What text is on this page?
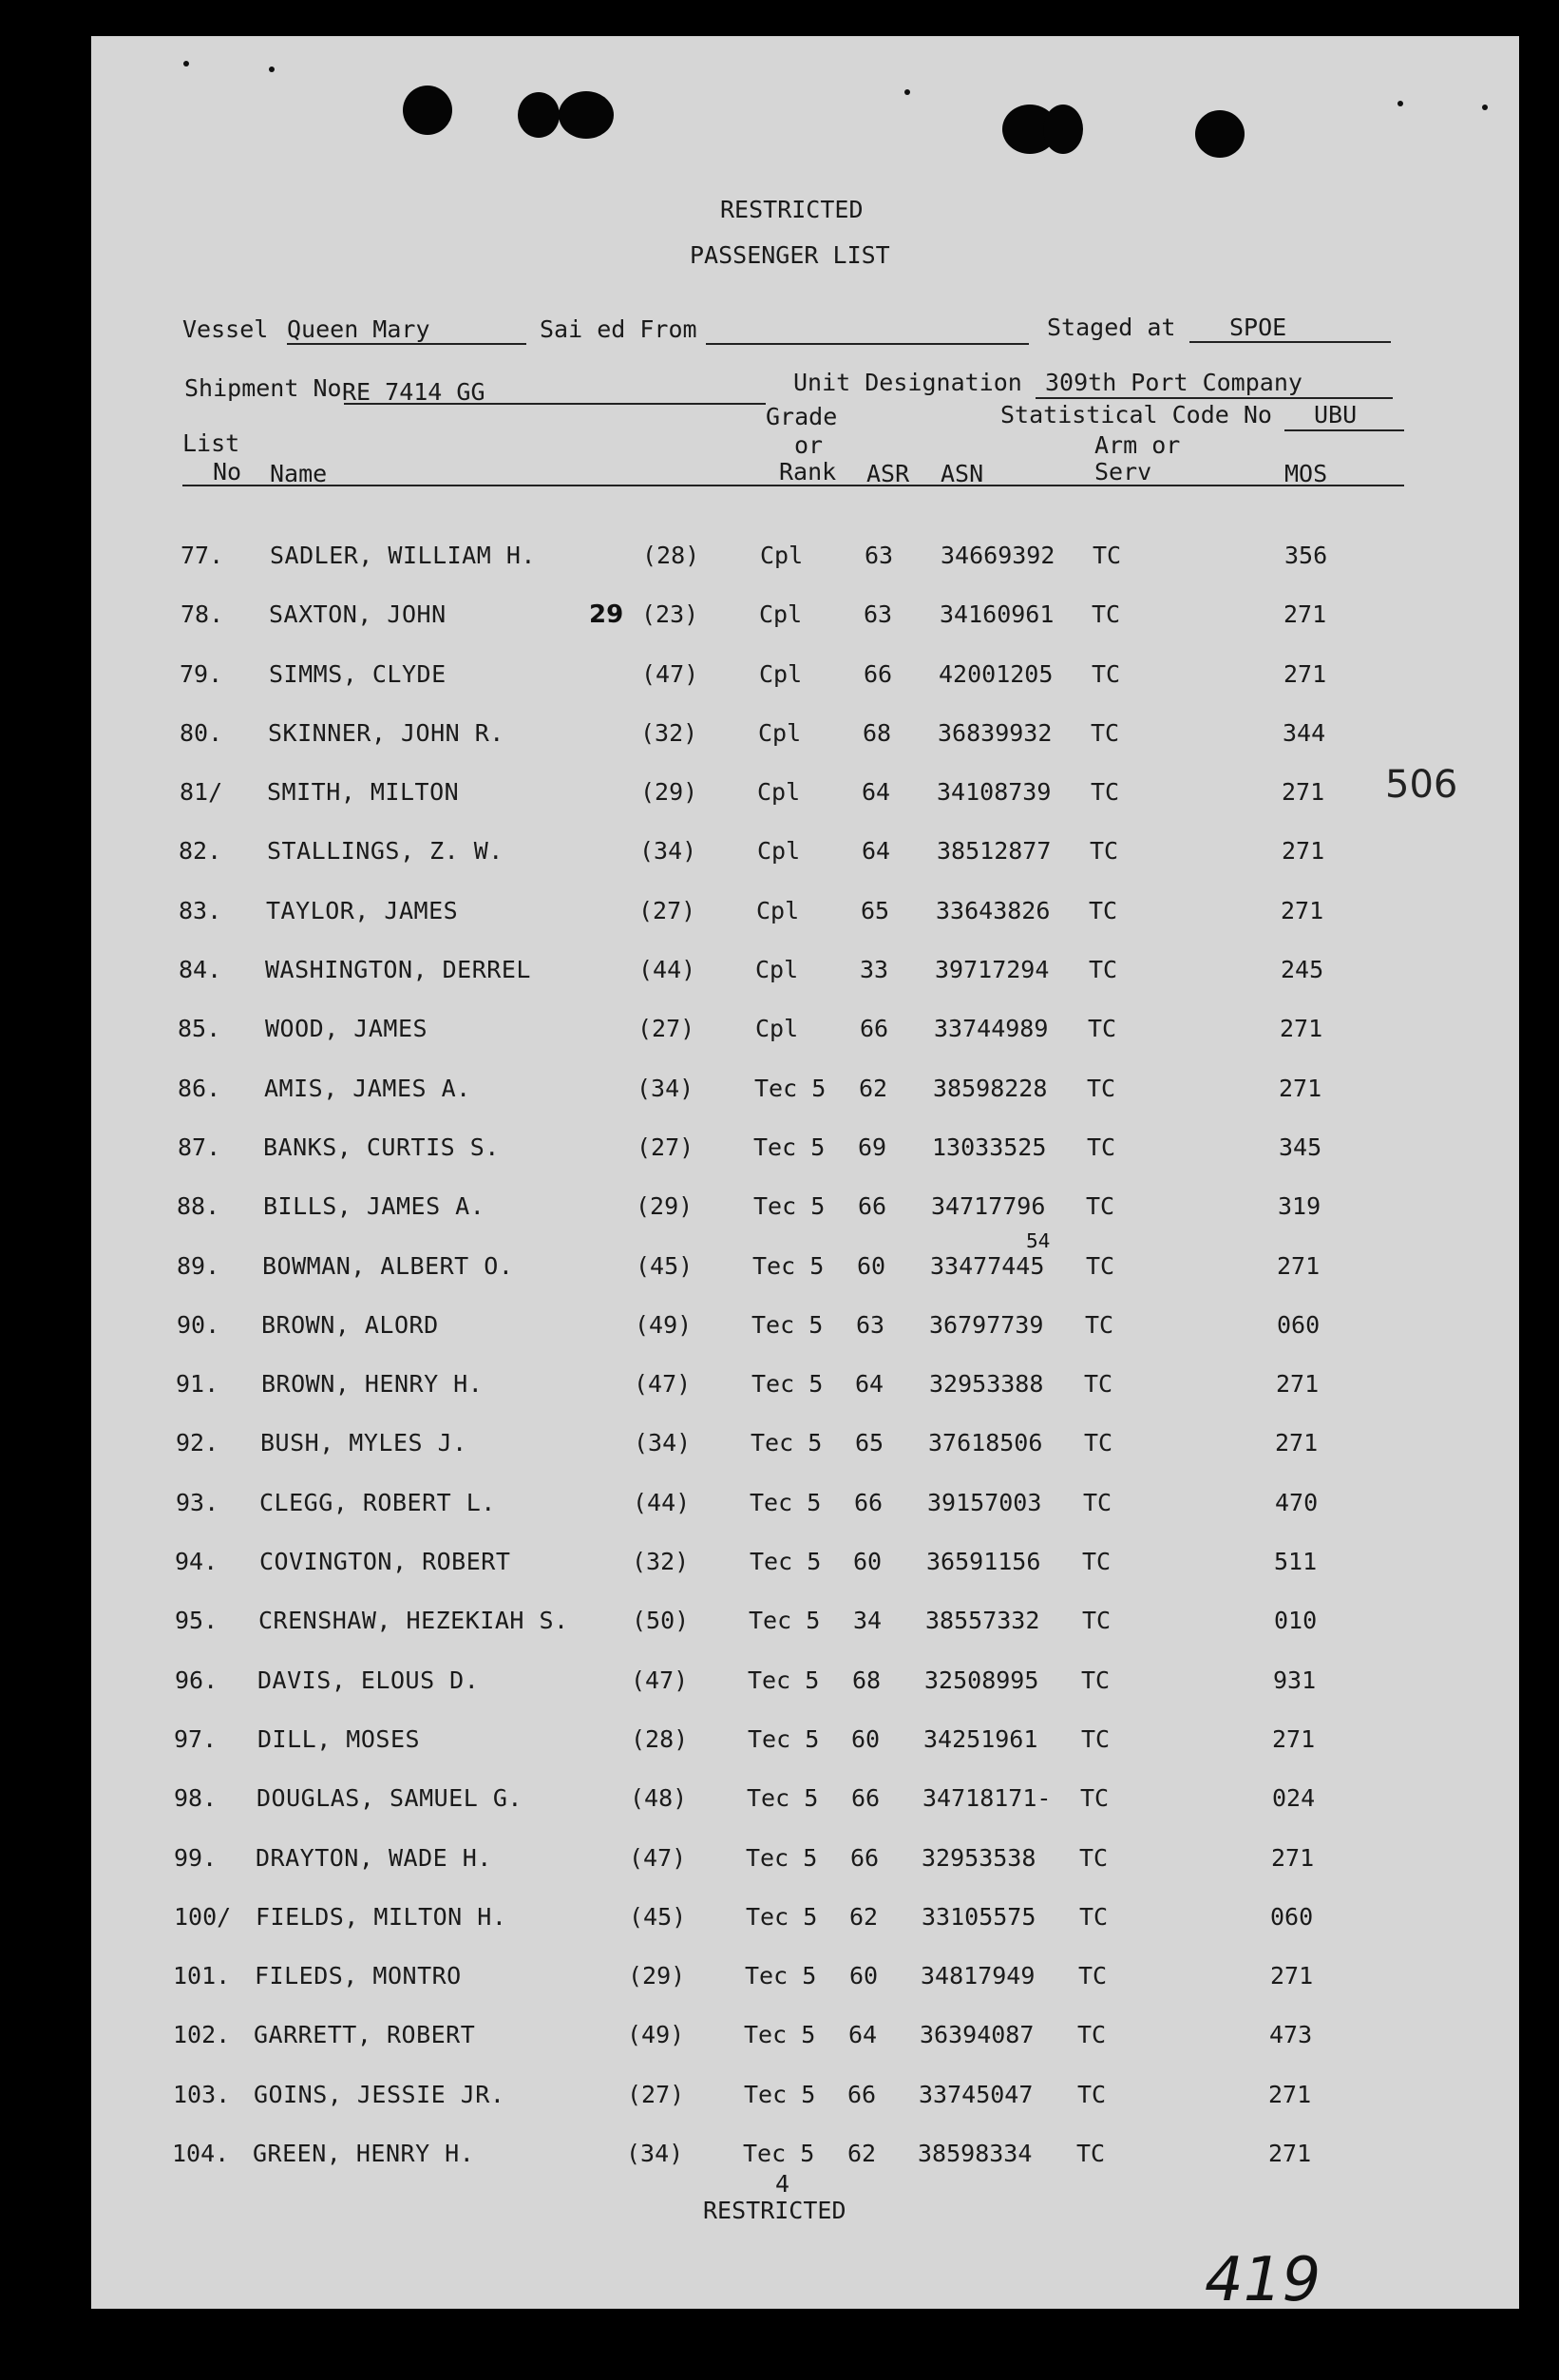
RESTRICTED
PASSENGER LIST
Vessel Queen Mary	Sai ed From	Staged at SPOE
Shipment No RE 7414 GG	Unit Designation 309th Port Company
Statistical Code No UBU
List
No Name
Grade
or
Rank ASR ASN
Arm or
Serv	MOS
77. SADLER, WILLIAM H.	(28)	Cpl	63 34669392 TC	356
78. SAXTON, JOHN	(23)	Cpl	63 34160961 TC	271
79. SIMMS, CLYDE	(47)	Cpl	66 42001205 TC	271
80. SKINNER, JOHN R.	(32)	Cpl	68 36839932 TC	344
81/ SMITH, MILTON	(29)	Cpl	64 34108739 TC	271
82. STALLINGS, Z. W.	(34)	Cpl	64 38512877 TC	271
83. TAYLOR, JAMES	(27)	Cpl	65 33643826 TC	271
84. WASHINGTON, DERREL	(44)	Cpl	33 39717294 TC	245
85. WOOD, JAMES	(27)	Cpl	66 33744989 TC	271
86. AMIS, JAMES A.	(34)	Tec 5 62 38598228 TC	271
87. BANKS, CURTIS S.	(27)	Tec 5 69 13033525 TC	345
88. BILLS, JAMES A.	(29)	Tec 5 66 34717796 TC	319
89. BOWMAN, ALBERT O.	(45)	Tec 5 60 33477445 TC	271
90. BROWN, ALORD	(49)	Tec 5 63 36797739 TC	060
91. BROWN, HENRY H.	(47)	Tec 5 64 32953388 TC	271
92. BUSH, MYLES J.	(34)	Tec 5 65 37618506 TC	271
93. CLEGG, ROBERT L.	(44)	Tec 5 66 39157003 TC	470
94. COVINGTON, ROBERT	(32)	Tec 5 60 36591156 TC	511
95. CRENSHAW, HEZEKIAH S.	(50)	Tec 5 34 38557332 TC	010
96. DAVIS, ELOUS D.	(47)	Tec 5 68 32508995 TC	931
97. DILL, MOSES	(28)	Tec 5 60 34251961 TC	271
98. DOUGLAS, SAMUEL G.	(48)	Tec 5 66 34718171- TC	024
99. DRAYTON, WADE H.	(47)	Tec 5 66 32953538 TC	271
100/ FIELDS, MILTON H.	(45)	Tec 5 62 33105575 TC	060
101. FILEDS, MONTRO	(29)	Tec 5 60 34817949 TC	271
102. GARRETT, ROBERT	(49)	Tec 5 64 36394087 TC	473
103. GOINS, JESSIE JR.	(27)	Tec 5 66 33745047 TC	271
104. GREEN, HENRY H.	(34)	Tec 5 62 38598334 TC	271
29
54
506
419
4
RESTRICTED
